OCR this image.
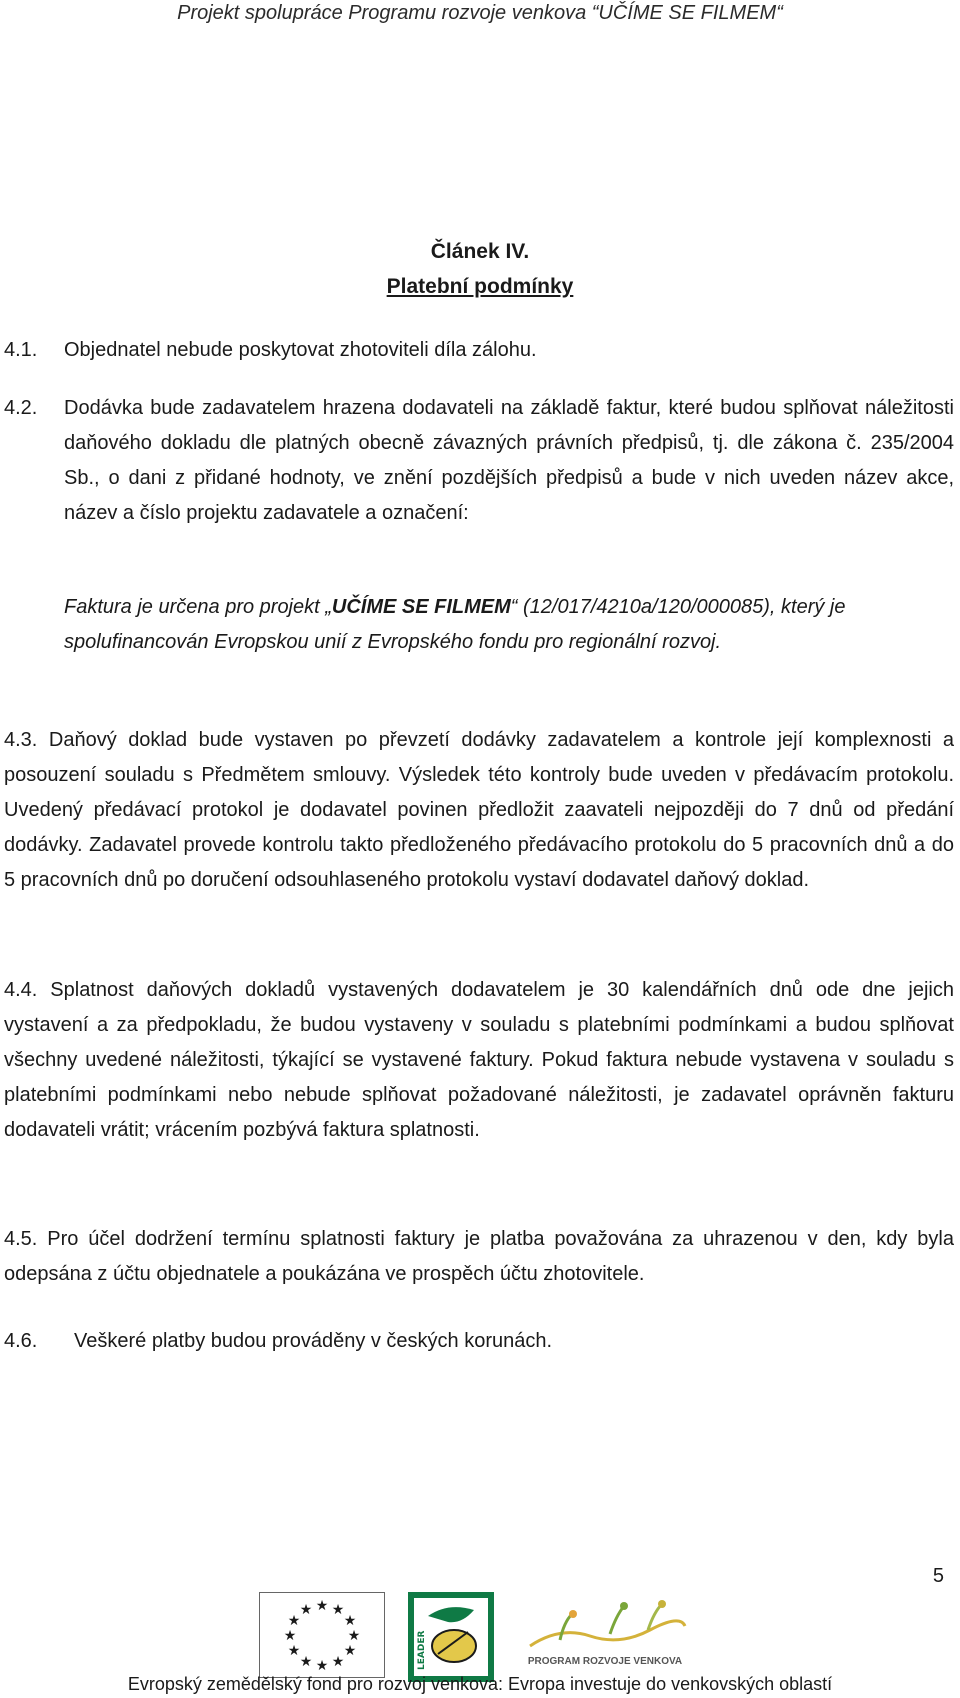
Projekt spolupráce Programu rozvoje venkova “UČÍME SE FILMEM“
Článek IV.
Platební podmínky
4.1. Objednatel nebude poskytovat zhotoviteli díla zálohu.
4.2.	Dodávka bude zadavatelem hrazena dodavateli na základě faktur, které budou splňovat náležitosti daňového dokladu dle platných obecně závazných právních předpisů, tj. dle zákona č. 235/2004 Sb., o dani z přidané hodnoty, ve znění pozdějších předpisů a bude v nich uveden název akce, název a číslo projektu zadavatele a označení:
Faktura je určena pro projekt „UČÍME SE FILMEM“ (12/017/4210a/120/000085), který je spolufinancován Evropskou unií z Evropského fondu pro regionální rozvoj.
4.3. Daňový doklad bude vystaven po převzetí dodávky zadavatelem a kontrole její komplexnosti a posouzení souladu s Předmětem smlouvy. Výsledek této kontroly bude uveden v předávacím protokolu. Uvedený předávací protokol je dodavatel povinen předložit zaavateli nejpozději do 7 dnů od předání dodávky. Zadavatel provede kontrolu takto předloženého předávacího protokolu do 5 pracovních dnů a do 5 pracovních dnů po doručení odsouhlaseného protokolu vystaví dodavatel daňový doklad.
4.4. Splatnost daňových dokladů vystavených dodavatelem je 30 kalendářních dnů ode dne jejich vystavení a za předpokladu, že budou vystaveny v souladu s platebními podmínkami a budou splňovat všechny uvedené náležitosti, týkající se vystavené faktury. Pokud faktura nebude vystavena v souladu s platebními podmínkami nebo nebude splňovat požadované náležitosti, je zadavatel oprávněn fakturu dodavateli vrátit; vrácením pozbývá faktura splatnosti.
4.5. Pro účel dodržení termínu splatnosti faktury je platba považována za uhrazenou v den, kdy byla odepsána z účtu objednatele a poukázána ve prospěch účtu zhotovitele.
4.6. Veškeré platby budou prováděny v českých korunách.
5
★ ★
★
★
★
★
★
★
★
★
★
★
LEADER	PROGRAM ROZVOJE VENKOVA
Evropský zemědělský fond pro rozvoj venkova: Evropa investuje do venkovských oblastí
